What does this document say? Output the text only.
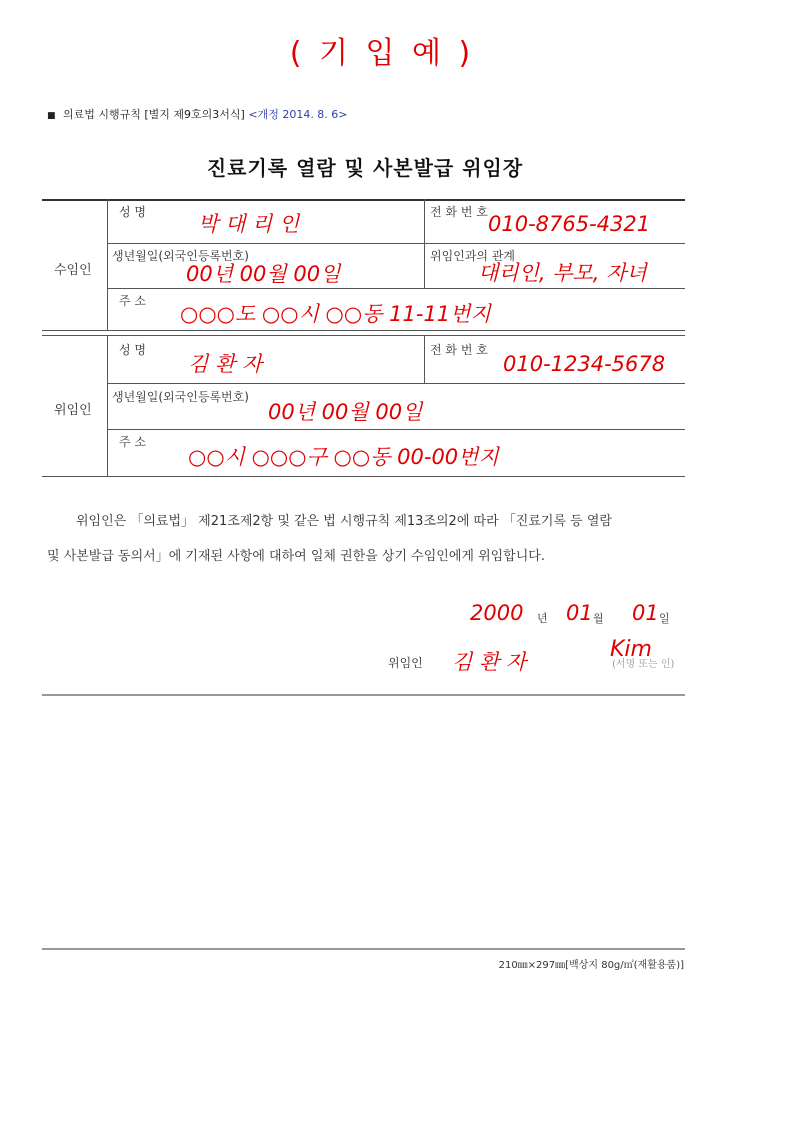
( 기 입 예 )
■ 의료법 시행규칙 [별지 제9호의3서식] <개정 2014. 8. 6>
진료기록 열람 및 사본발급 위임장
수임인
성 명 박 대 리 인	전 화 번 호 010-8765-4321
생년월일(외국인등록번호)
00년 00월 00일
위임인과의 관계
대리인, 부모, 자녀
주 소
○○○도 ○○시 ○○동 11-11번지
위임인
성 명
김 환 자
전 화 번 호
010-1234-5678
생년월일(외국인등록번호)
00년 00월 00일
주 소
○○시 ○○○구 ○○동 00-00번지
위임인은 「의료법」 제21조제2항 및 같은 법 시행규칙 제13조의2에 따라 「진료기록 등 열람
및 사본발급 동의서」에 기재된 사항에 대하여 일체 권한을 상기 수임인에게 위임합니다.
2000 년 01 월 01 일
위임인 김 환 자	Kim
(서명 또는 인)
210㎜×297㎜[백상지 80g/㎡(재활용품)]
